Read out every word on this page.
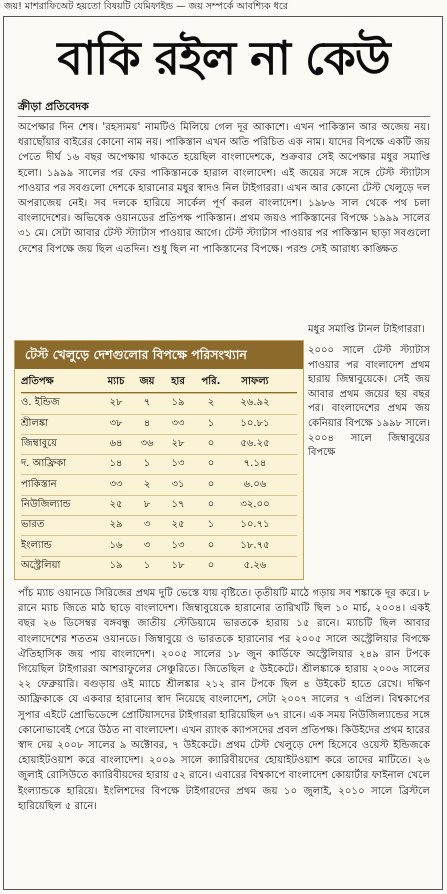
জয়! মাশরাফিঅেট হয়তো বিষয়টি যেমিফাইন্ড — জয় সম্পর্কে আবশ্যিক ধরে
বাকি রইল না কেউ
ক্রীড়া প্রতিবেদক
অপেক্ষার দিন শেষ। 'রহস্যময়' নামটিও মিলিয়ে গেল দূর আকাশে। এখন পাকিস্তান আর অজেয় নয়। ধরাছোঁয়ার বাইরের কোনো নাম নয়। পাকিস্তান এখন অতি পরিচিত এক নাম। যাদের বিপক্ষে একটি জয় পেতে দীর্ঘ ১৬ বছর অপেক্ষায় থাকতে হয়েছিল বাংলাদেশকে, শুক্রবার সেই অপেক্ষার মধুর সমাপ্তি হলো। ১৯৯৯ সালের পর ফের পাকিস্তানকে হারাল বাংলাদেশ। এই জয়ের সঙ্গে সঙ্গে টেস্ট স্ট্যাটাস পাওয়ার পর সবগুলো দেশকে হারানোর মধুর স্বাদও নিল টাইগাররা। এখন আর কোনো টেস্ট খেলুড়ে দল অপরাজেয় নেই। সব দলকে হারিয়ে সার্কেল পূর্ণ করল বাংলাদেশ। ১৯৮৬ সাল থেকে পথ চলা বাংলাদেশের। অভিষেক ওয়ানডের প্রতিপক্ষ পাকিস্তান। প্রথম জয়ও পাকিস্তানের বিপক্ষে ১৯৯৯ সালের ৩১ মে। সেটা আবার টেস্ট স্ট্যাটাস পাওয়ার আগে। টেস্ট স্ট্যাটাস পাওয়ার পর পাকিস্তান ছাড়া সবগুলো দেশের বিপক্ষে জয় ছিল এতদিন। শুধু ছিল না পাকিস্তানের বিপক্ষে। পরশু সেই আরাধ্য কাঙ্ক্ষিত
মধুর সমাপ্তি টানল টাইগাররা।
টেস্ট খেলুড়ে দেশগুলোর বিপক্ষে পরিসংখ্যান
প্রতিপক্ষ	ম্যাচ	জয়	হার	পরি.	সাফল্য
ও. ইন্ডিজ	২৮	৭	১৯	২	২৬.৯২
শ্রীলঙ্কা	৩৮	৪	৩৩	১	১০.৮১
জিম্বাবুয়ে	৬৪	৩৬	২৮	০	৫৬.২৫
দ. আফ্রিকা	১৪	১	১৩	০	৭.১৪
পাকিস্তান	৩৩	২	৩১	০	৬.০৬
নিউজিল্যান্ড	২৫	৮	১৭	০	৩২.০০
ভারত	২৯	৩	২৫	১	১০.৭১
ইংল্যান্ড	১৬	৩	১৩	০	১৮.৭৫
অস্ট্রেলিয়া	১৯	১	১৮	০	৫.২৬
২০০০ সালে টেস্ট স্ট্যাটাস পাওয়ার পর বাংলাদেশ প্রথম হারায় জিম্বাবুয়েকে। সেই জয় আবার প্রথম জয়ের ছয় বছর পর। বাংলাদেশের প্রথম জয় কেনিয়ার বিপক্ষে ১৯৯৮ সালে। ২০০৪ সালে জিম্বাবুয়ের বিপক্ষে
পাঁচ ম্যাচ ওয়ানডে সিরিজের প্রথম দুটি ভেস্তে যায় বৃষ্টিতে। তৃতীয়টি মাঠে গড়ায় সব শঙ্কাকে দূর করে। ৮ রানে ম্যাচ জিতে মাঠ ছাড়ে বাংলাদেশ। জিম্বাবুয়েকে হারানোর তারিখটি ছিল ১০ মার্চ, ২০০৪। একই বছর ২৬ ডিসেম্বর বঙ্গবন্ধু জাতীয় স্টেডিয়ামে ভারতকে হারায় ১৫ রানে। ম্যাচটি ছিল আবার বাংলাদেশের শততম ওয়ানডে। জিম্বাবুয়ে ও ভারতকে হারানোর পর ২০০৫ সালে অস্ট্রেলিয়ার বিপক্ষে ঐতিহাসিক জয় পায় বাংলাদেশ। ২০০৫ সালের ১৮ জুন কার্ডিফে অস্ট্রেলিয়ার ২৪৯ রান টপকে গিয়েছিল টাইগাররা আশরাফুলের সেঞ্চুরিতে। জিতেছিল ৫ উইকেটে। শ্রীলঙ্কাকে হারায় ২০০৬ সালের ২২ ফেব্রুয়ারি। বগুড়ায় ওই ম্যাচে শ্রীলঙ্কার ২১২ রান টপকে ছিল ৪ উইকেট হাতে রেখে। দক্ষিণ আফ্রিকাকে যে একবার হারানোর স্বাদ নিয়েছে বাংলাদেশ, সেটা ২০০৭ সালের ৭ এপ্রিল। বিশ্বকাপের সুপার এইটে প্রোভিডেন্সে প্রোটিয়াসদের টাইগাররা হারিয়েছিল ৬৭ রানে। এক সময় নিউজিল্যান্ডের সঙ্গে কোনোভাবেই পেরে উঠত না বাংলাদেশ। এখন র‍্যাংক ক্যাপসদের প্রবল প্রতিপক্ষ। কিউইদের প্রথম হারের স্বাদ দেয় ২০০৮ সালের ৯ অক্টোবর, ৭ উইকেটে। প্রথম টেস্ট খেলুড়ে দেশ হিসেবে ওয়েস্ট ইন্ডিজকে হোয়াইটওয়াশ করে বাংলাদেশ। ২০০৯ সালে ক্যারিবীয়দের হোয়াইটওয়াশ করে তাদের মাটিতে। ২৬ জুলাই রোসিউতে ক্যারিবীয়দের হারায় ৫২ রানে। এবারের বিশ্বকাপে বাংলাদেশ কোয়ার্টার ফাইনাল খেলে ইংল্যান্ডকে হারিয়ে। ইংলিশদের বিপক্ষে টাইগারদের প্রথম জয় ১০ জুলাই, ২০১০ সালে ব্রিস্টলে হারিয়েছিল ৫ রানে।
